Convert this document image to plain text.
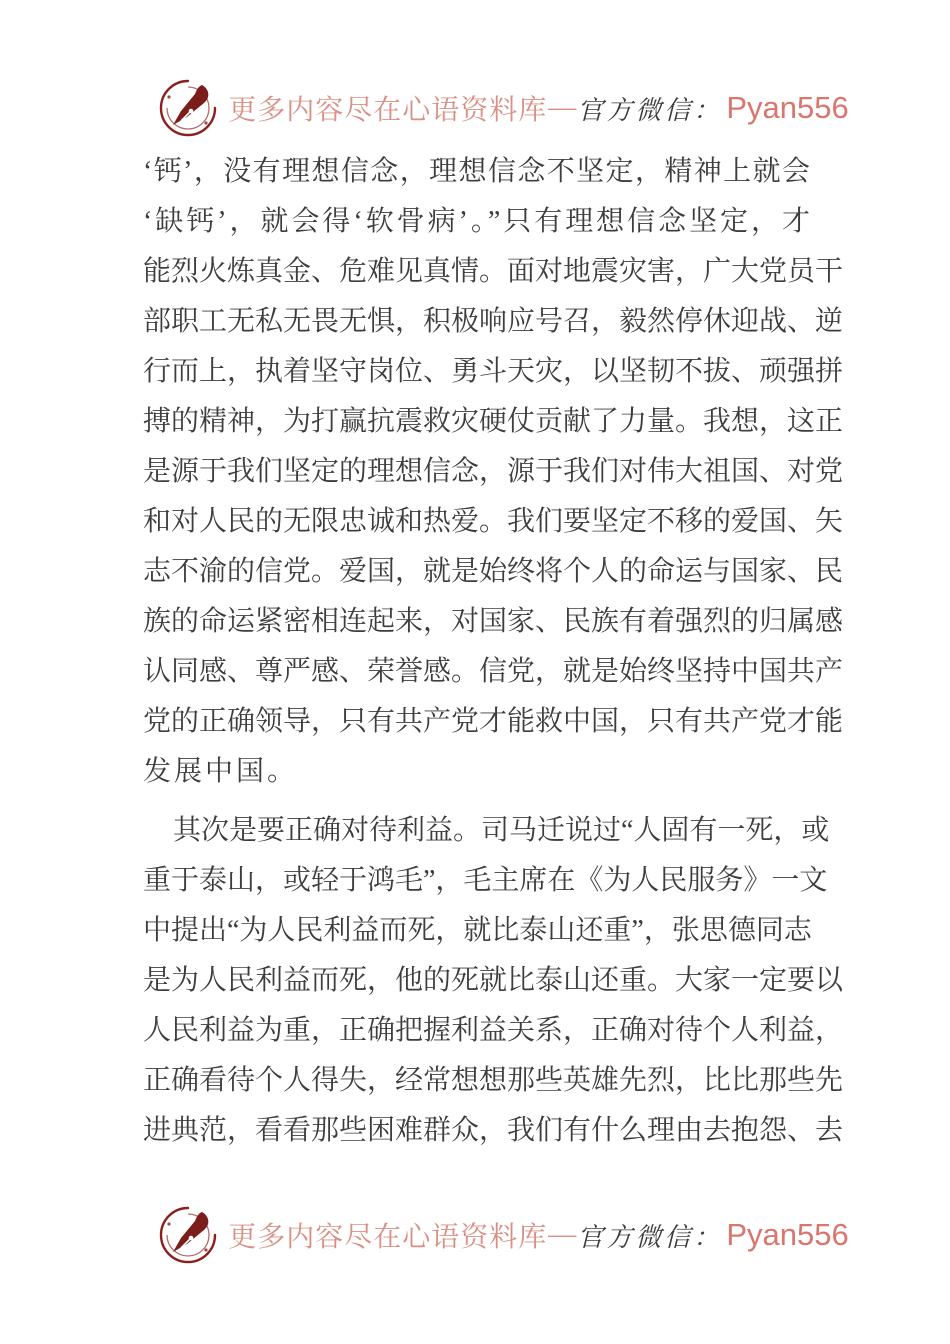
更多内容尽在心语资料库 — 官方微信： Pyan556
‘钙’，没有理想信念，理想信念不坚定，精神上就会
‘缺钙’，就会得‘软骨病’。”只有理想信念坚定，才
能烈火炼真金、危难见真情。面对地震灾害，广大党员干
部职工无私无畏无惧，积极响应号召，毅然停休迎战、逆
行而上，执着坚守岗位、勇斗天灾，以坚韧不拔、顽强拼
搏的精神，为打赢抗震救灾硬仗贡献了力量。我想，这正
是源于我们坚定的理想信念，源于我们对伟大祖国、对党
和对人民的无限忠诚和热爱。我们要坚定不移的爱国、矢
志不渝的信党。爱国，就是始终将个人的命运与国家、民
族的命运紧密相连起来，对国家、民族有着强烈的归属感
认同感、尊严感、荣誉感。信党，就是始终坚持中国共产
党的正确领导，只有共产党才能救中国，只有共产党才能
发展中国。
其次是要正确对待利益。司马迁说过“人固有一死，或
重于泰山，或轻于鸿毛”，毛主席在《为人民服务》一文
中提出“为人民利益而死，就比泰山还重”，张思德同志
是为人民利益而死，他的死就比泰山还重。大家一定要以
人民利益为重，正确把握利益关系，正确对待个人利益，
正确看待个人得失，经常想想那些英雄先烈，比比那些先
进典范，看看那些困难群众，我们有什么理由去抱怨、去
更多内容尽在心语资料库 — 官方微信： Pyan556
